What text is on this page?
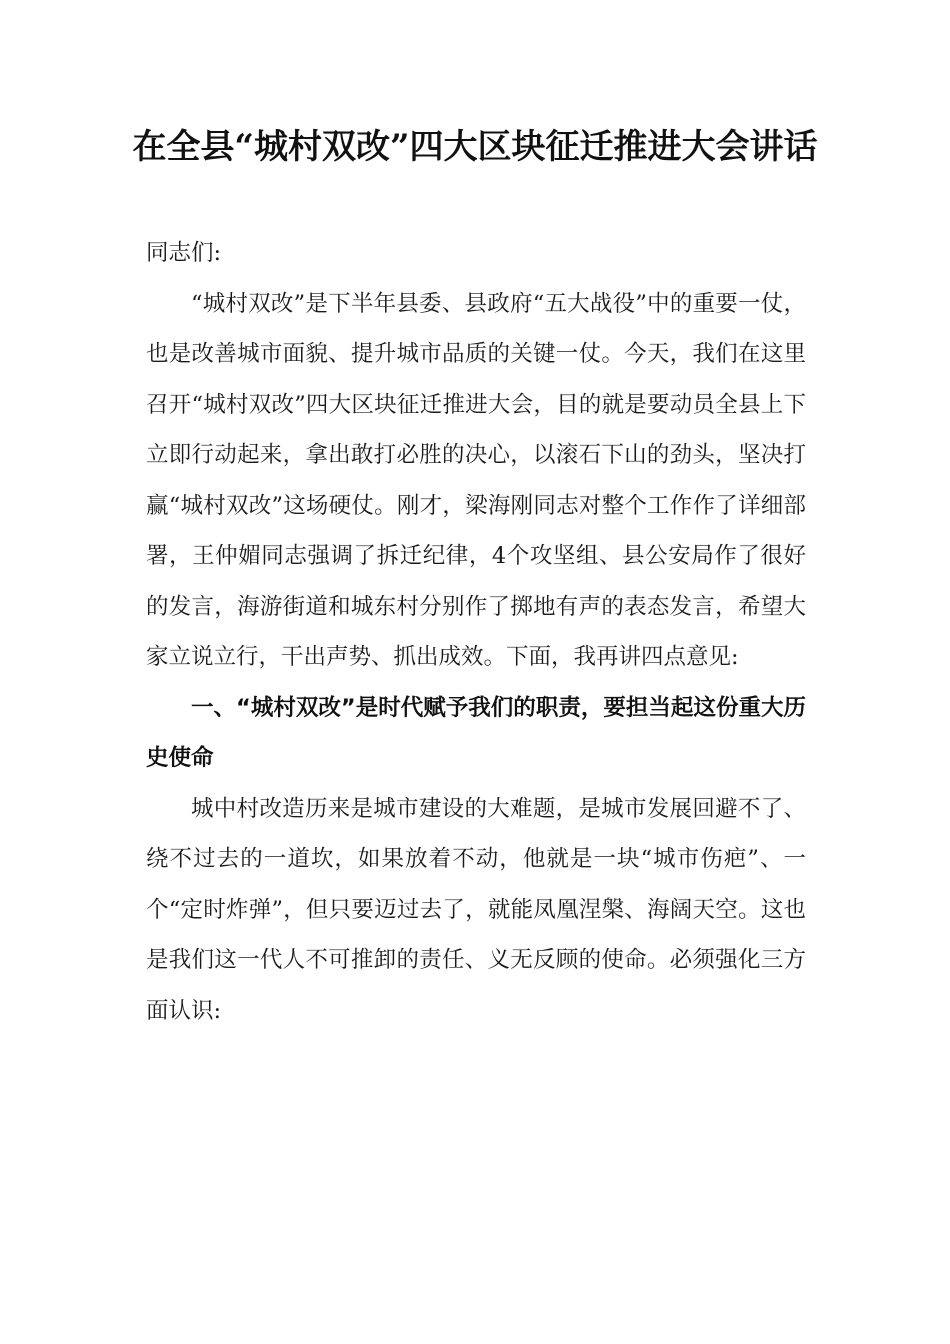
在全县“城村双改”四大区块征迁推进大会讲话

同志们:

“城村双改”是下半年县委、县政府“五大战役”中的重要一仗，也是改善城市面貌、提升城市品质的关键一仗。今天，我们在这里召开“城村双改”四大区块征迁推进大会，目的就是要动员全县上下立即行动起来，拿出敢打必胜的决心，以滚石下山的劲头，坚决打赢“城村双改”这场硬仗。刚才，梁海刚同志对整个工作作了详细部署，王仲媚同志强调了拆迁纪律，4个攻坚组、县公安局作了很好的发言，海游街道和城东村分别作了掷地有声的表态发言，希望大家立说立行，干出声势、抓出成效。下面，我再讲四点意见:

一、“城村双改”是时代赋予我们的职责，要担当起这份重大历史使命

城中村改造历来是城市建设的大难题，是城市发展回避不了、绕不过去的一道坎，如果放着不动，他就是一块“城市伤疤”、一个“定时炸弹”，但只要迈过去了，就能凤凰涅槃、海阔天空。这也是我们这一代人不可推卸的责任、义无反顾的使命。必须强化三方面认识:
